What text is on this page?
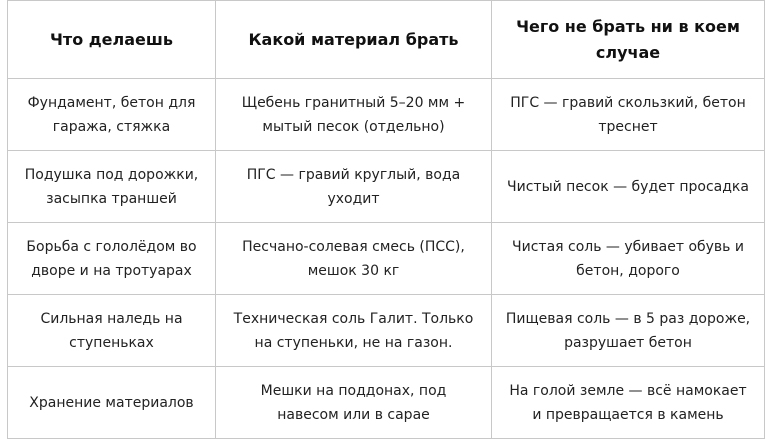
Что делаешь	Какой материал брать	Чего не брать ни в коем случае
Фундамент, бетон для гаража, стяжка	Щебень гранитный 5–20 мм + мытый песок (отдельно)	ПГС — гравий скользкий, бетон треснет
Подушка под дорожки, засыпка траншей	ПГС — гравий круглый, вода уходит	Чистый песок — будет просадка
Борьба с гололёдом во дворе и на тротуарах	Песчано-солевая смесь (ПСС), мешок 30 кг	Чистая соль — убивает обувь и бетон, дорого
Сильная наледь на ступеньках	Техническая соль Галит. Только на ступеньки, не на газон.	Пищевая соль — в 5 раз дороже, разрушает бетон
Хранение материалов	Мешки на поддонах, под навесом или в сарае	На голой земле — всё намокает и превращается в камень
